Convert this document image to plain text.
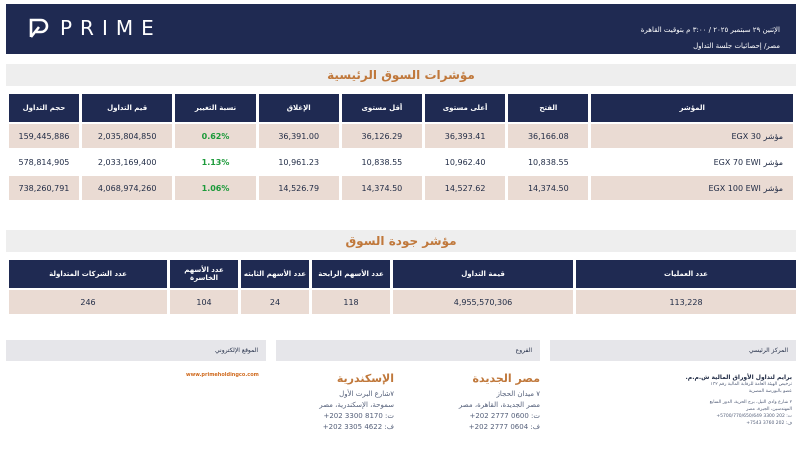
PRIME	الإثنين ٢٩ سبتمبر ٢٠٢٥ / ٣:٠٠ م بتوقيت القاهرة
مصر/ إحصائيات جلسة التداول
مؤشرات السوق الرئيسية
حجم التداول	قيم التداول	نسبة التغيير	الإغلاق	أقل مستوى	أعلى مستوى	الفتح	المؤشر
159,445,886	2,035,804,850	0.62%	36,391.00	36,126.29	36,393.41	36,166.08	مؤشر EGX 30
578,814,905	2,033,169,400	1.13%	10,961.23	10,838.55	10,962.40	10,838.55	مؤشر EGX 70 EWI
738,260,791	4,068,974,260	1.06%	14,526.79	14,374.50	14,527.62	14,374.50	مؤشر EGX 100 EWI
مؤشر جودة السوق
عدد الشركات المتداولة	عدد الأسهم الخاسرة	عدد الأسهم الثابته	عدد الأسهم الرابحة	قيمة التداول	عدد العمليات
246	104	24	118	4,955,570,306	113,228
الموقع الإلكتروني	الفروع	المركز الرئيسي
www.primeholdingco.com	الإسكندرية
٧شارع البرت الأول
سموحة، الإسكندرية، مصر
ت: 8170 3300 202+
ف: 4622 3305 202+
مصر الجديدة
٧ ميدان الحجاز
مصر الجديدة، القاهرة، مصر
ت: 0600 2777 202+
ف: 0604 2777 202+
برايم لتداول الأوراق المالية ش.م.م.
ترخيص الهيئة العامة للرقابة المالية رقم ١٣٢
عضو بالبورصة المصرية
٢ شارع وادي النيل، برج الحرية، الدور السابع
المهندسين، الجيزة، مصر
ت: 202 3300 5700/770/650/649+
ف: 202 3760 7543+
